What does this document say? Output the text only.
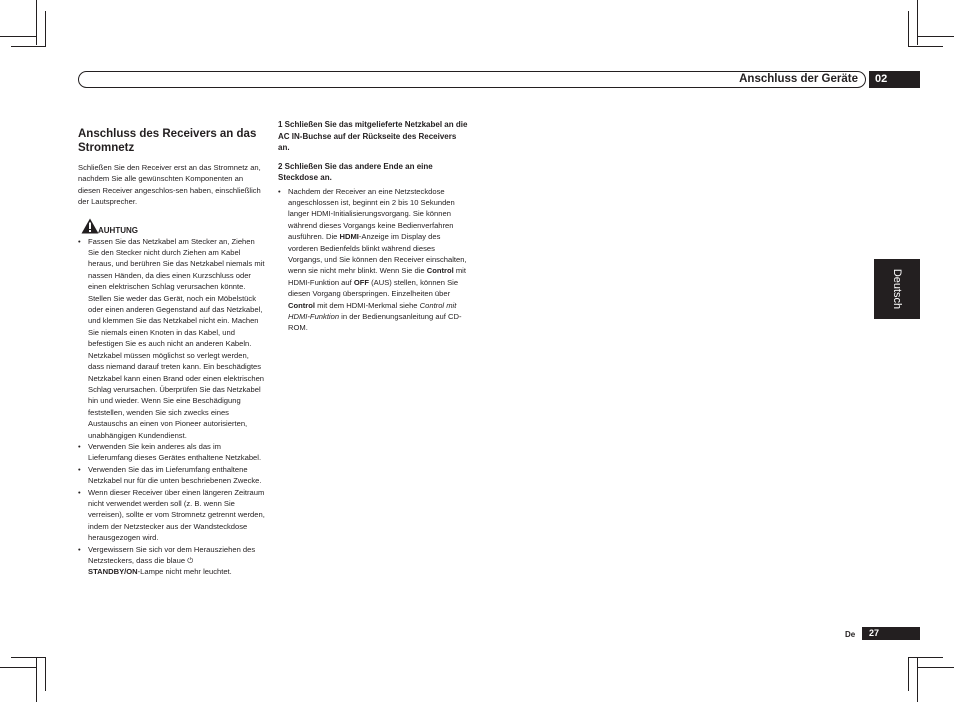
Anschluss der Geräte	02
Deutsch
Anschluss des Receivers an das Stromnetz

Schließen Sie den Receiver erst an das Stromnetz an, nachdem Sie alle gewünschten Komponenten an diesen Receiver angeschlos-sen haben, einschließlich der Lautsprecher.

AUHTUNG
• Fassen Sie das Netzkabel am Stecker an, Ziehen Sie den Stecker nicht durch Ziehen am Kabel heraus, und berühren Sie das Netzkabel niemals mit nassen Händen, da dies einen Kurzschluss oder einen elektrischen Schlag verursachen könnte. Stellen Sie weder das Gerät, noch ein Möbelstück oder einen anderen Gegenstand auf das Netzkabel, und klemmen Sie das Netzkabel nicht ein. Machen Sie niemals einen Knoten in das Kabel, und befestigen Sie es auch nicht an anderen Kabeln. Netzkabel müssen möglichst so verlegt werden, dass niemand darauf treten kann. Ein beschädigtes Netzkabel kann einen Brand oder einen elektrischen Schlag verursachen. Überprüfen Sie das Netzkabel hin und wieder. Wenn Sie eine Beschädigung feststellen, wenden Sie sich zwecks eines Austauschs an einen von Pioneer autorisierten, unabhängigen Kundendienst.
• Verwenden Sie kein anderes als das im Lieferumfang dieses Gerätes enthaltene Netzkabel.
• Verwenden Sie das im Lieferumfang enthaltene Netzkabel nur für die unten beschriebenen Zwecke.
• Wenn dieser Receiver über einen längeren Zeitraum nicht verwendet werden soll (z. B. wenn Sie verreisen), sollte er vom Stromnetz getrennt werden, indem der Netzstecker aus der Wandsteckdose herausgezogen wird.
• Vergewissern Sie sich vor dem Herausziehen des Netzsteckers, dass die blaue ⏻
STANDBY/ON-Lampe nicht mehr leuchtet.

1 Schließen Sie das mitgelieferte Netzkabel an die AC IN-Buchse auf der Rückseite des Receivers an.

2 Schließen Sie das andere Ende an eine Steckdose an.

• Nachdem der Receiver an eine Netzsteckdose angeschlossen ist, beginnt ein 2 bis 10 Sekunden langer HDMI-Initialisierungsvorgang. Sie können während dieses Vorgangs keine Bedienverfahren ausführen. Die HDMI-Anzeige im Display des vorderen Bedienfelds blinkt während dieses Vorgangs, und Sie können den Receiver einschalten, wenn sie nicht mehr blinkt. Wenn Sie die Control mit HDMI-Funktion auf OFF (AUS) stellen, können Sie diesen Vorgang überspringen. Einzelheiten über Control mit dem HDMI-Merkmal siehe Control mit HDMI-Funktion in der Bedienungsanleitung auf CD-ROM.
De	27
